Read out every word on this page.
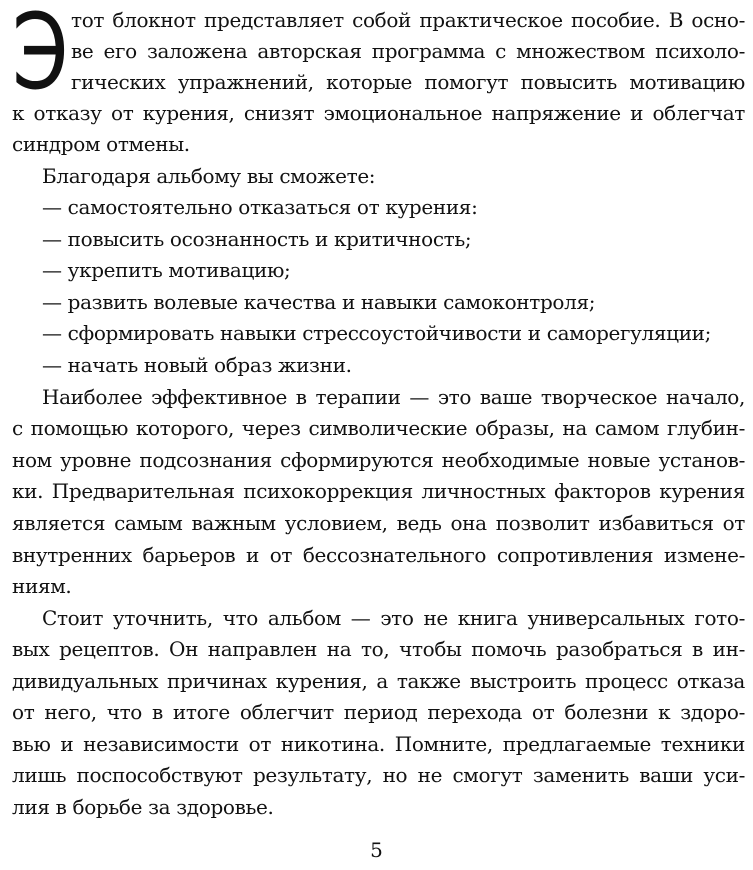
Э тот блокнот представляет собой практическое пособие. В осно-
ве его заложена авторская программа с множеством психоло-
гических упражнений, которые помогут повысить мотивацию
к отказу от курения, снизят эмоциональное напряжение и облегчат
синдром отмены.
Благодаря альбому вы сможете:
— самостоятельно отказаться от курения:
— повысить осознанность и критичность;
— укрепить мотивацию;
— развить волевые качества и навыки самоконтроля;
— сформировать навыки стрессоустойчивости и саморегуляции;
— начать новый образ жизни.
Наиболее эффективное в терапии — это ваше творческое начало,
с помощью которого, через символические образы, на самом глубин-
ном уровне подсознания сформируются необходимые новые установ-
ки. Предварительная психокоррекция личностных факторов курения
является самым важным условием, ведь она позволит избавиться от
внутренних барьеров и от бессознательного сопротивления измене-
ниям.
Стоит уточнить, что альбом — это не книга универсальных гото-
вых рецептов. Он направлен на то, чтобы помочь разобраться в ин-
дивидуальных причинах курения, а также выстроить процесс отказа
от него, что в итоге облегчит период перехода от болезни к здоро-
вью и независимости от никотина. Помните, предлагаемые техники
лишь поспособствуют результату, но не смогут заменить ваши уси-
лия в борьбе за здоровье.
5
